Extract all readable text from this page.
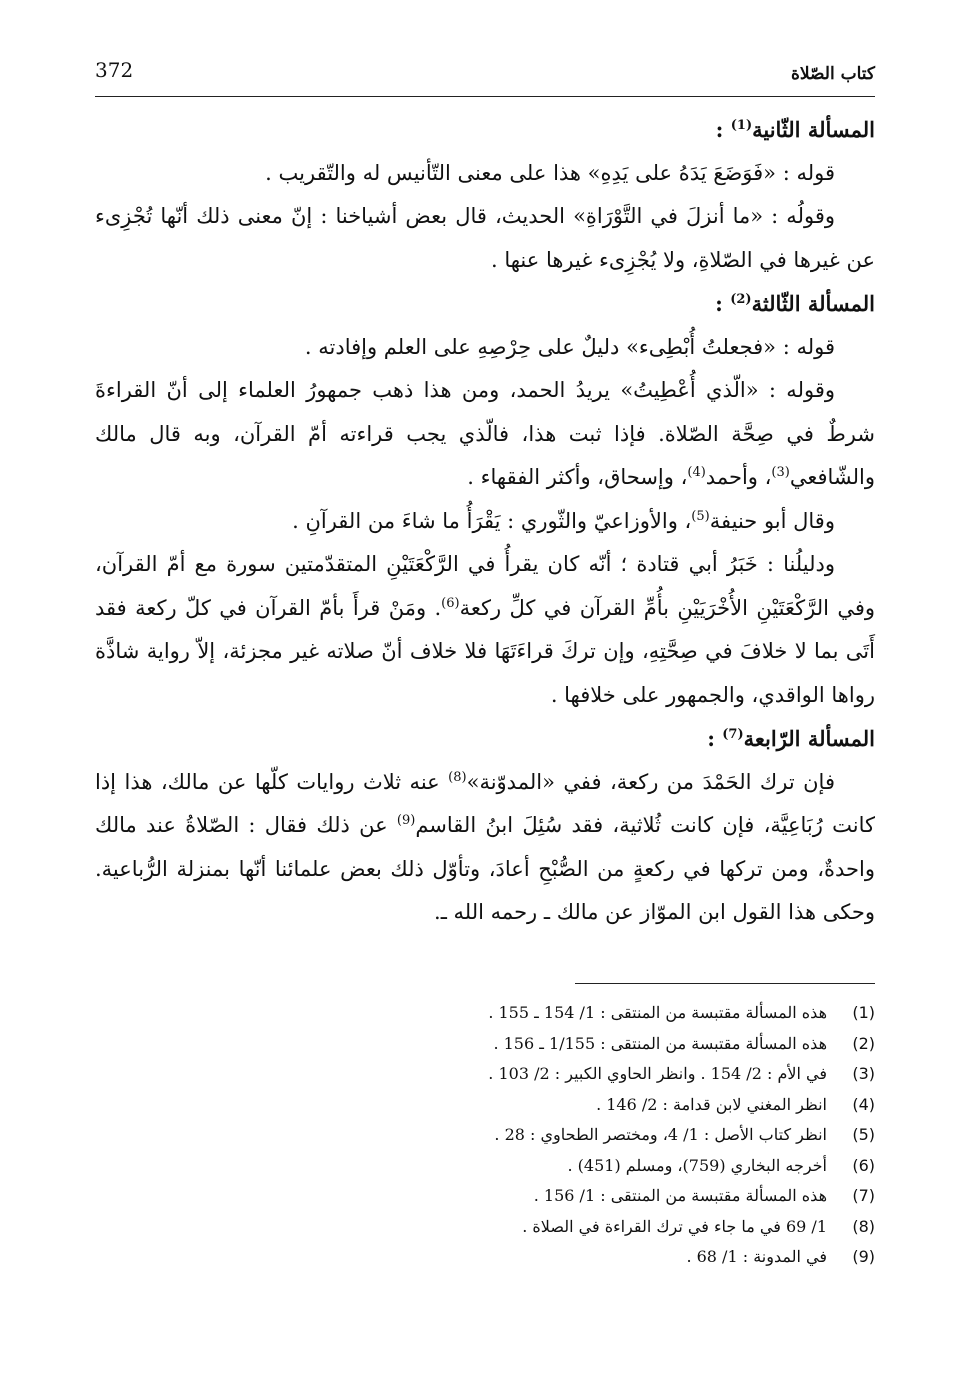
372	كتاب الصّلاة

المسألة الثّانية$^{(1)}$ :

قوله : «فَوَضَعَ يَدَهُ على يَدِهِ» هذا على معنى التّأنيس له والتّقريب .

وقولُه : «ما أنزلَ في التَّوْرَاةِ» الحديث، قال بعض أشياخنا : إنّ معنى ذلك أنّها تُجْزِىء عن غيرها في الصّلاةِ، ولا يُجْزِىء غيرها عنها .

المسألة الثّالثة$^{(2)}$ :

قوله : «فجعلتُ أُبْطِىء» دليلٌ على حِرْصِهِ على العلم وإفادته .

وقوله : «الّذي أُعْطِيتُ» يريدُ الحمد، ومن هذا ذهب جمهورُ العلماء إلى أنّ القراءةَ شرطٌ في صِحَّة الصّلاة. فإذا ثبت هذا، فالّذي يجب قراءته أمّ القرآن، وبه قال مالك والشّافعي$^{(3)}$، وأحمد$^{(4)}$، وإسحاق، وأكثر الفقهاء .

وقال أبو حنيفة$^{(5)}$، والأوزاعيّ والثّوري : يَقْرَأُ ما شاءَ من القرآنِ .

ودليلُنا : خَبَرُ أبي قتادة ؛ أنّه كان يقرأُ في الرَّكْعَتَيْنِ المتقدّمتين سورة مع أمّ القرآن، وفي الرَّكْعَتَيْنِ الأُخْرَيَيْنِ بأُمِّ القرآن في كلِّ ركعة$^{(6)}$. ومَنْ قرأَ بأمّ القرآن في كلّ ركعة فقد أَتَى بما لا خلافَ في صِحَّتِهِ، وإن تركَ قراءَتَهَا فلا خلاف أنّ صلاته غير مجزئة، إلاّ رواية شاذَّة رواها الواقدي، والجمهور على خلافها .

المسألة الرّابعة$^{(7)}$ :

فإن ترك الحَمْدَ من ركعة، ففي «المدوّنة»$^{(8)}$ عنه ثلاث روايات كلّها عن مالك، هذا إذا كانت رُبَاعِيَّة، فإن كانت ثُلاثية، فقد سُئِلَ ابنُ القاسم$^{(9)}$ عن ذلك فقال : الصّلاةُ عند مالك واحدةٌ، ومن تركها في ركعةٍ من الصُّبْحِ أعادَ، وتأوّل ذلك بعض علمائنا أنّها بمنزلة الرُّباعية. وحكى هذا القول ابن الموّاز عن مالك ـ رحمه الله ـ.

(1)
هذه المسألة مقتبسة من المنتقى : 1/ 154 ـ 155 .
(2)
هذه المسألة مقتبسة من المنتقى : 1/155 ـ 156 .
(3)
في الأم : 2/ 154 . وانظر الحاوي الكبير : 2/ 103 .
(4)
انظر المغني لابن قدامة : 2/ 146 .
(5)
انظر كتاب الأصل : 1/ 4، ومختصر الطحاوي : 28 .
(6)
أخرجه البخاري (759)، ومسلم (451) .
(7)
هذه المسألة مقتبسة من المنتقى : 1/ 156 .
(8)
1/ 69 في ما جاء في ترك القراءة في الصلاة .
(9)
في المدونة : 1/ 68 .
